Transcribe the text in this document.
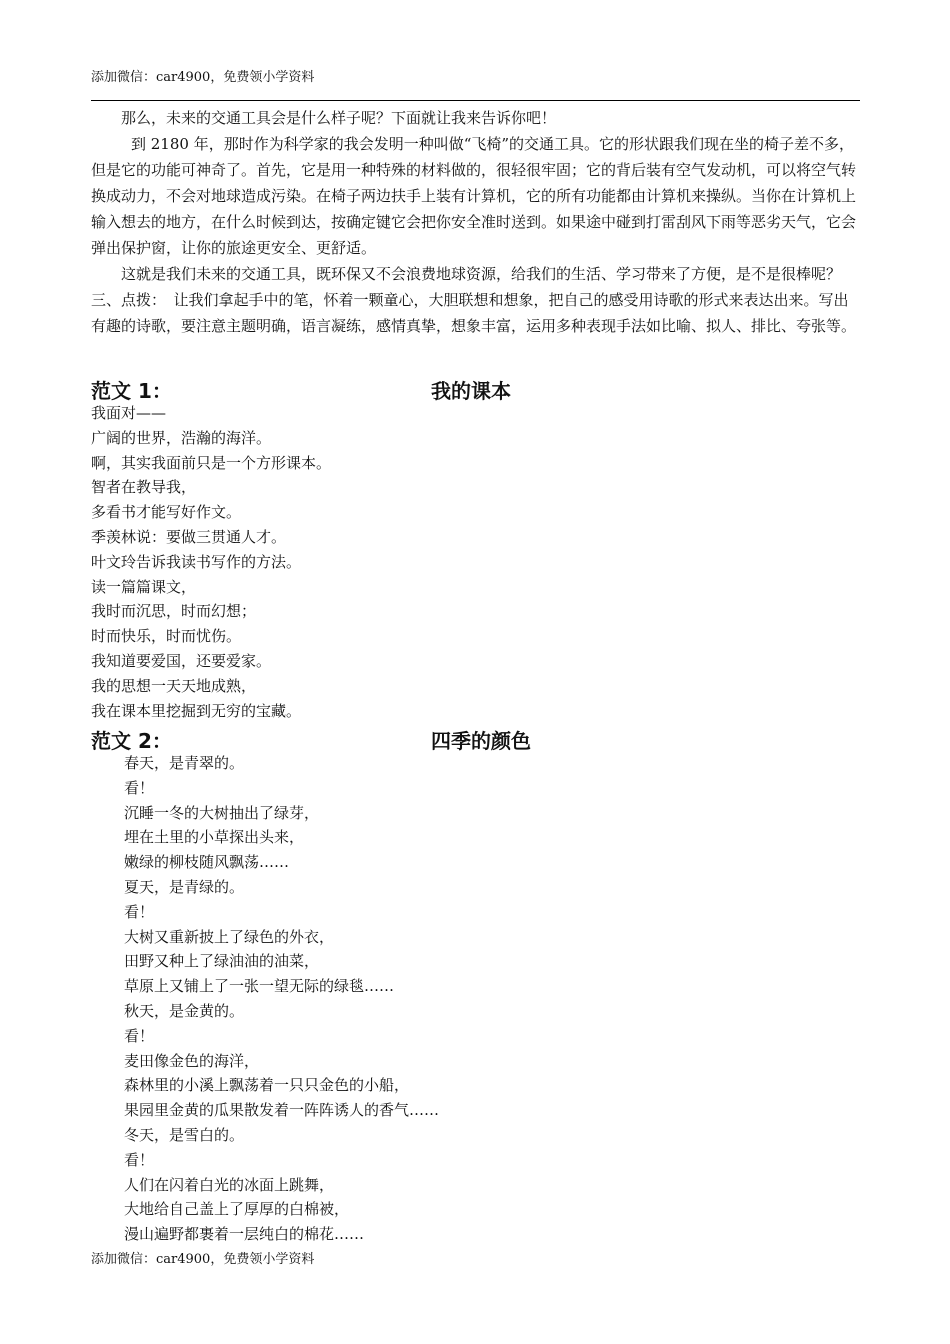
添加微信：car4900，免费领小学资料

那么，未来的交通工具会是什么样子呢？下面就让我来告诉你吧！

到 2180 年，那时作为科学家的我会发明一种叫做“飞椅”的交通工具。它的形状跟我们现在坐的椅子差不多，但是它的功能可神奇了。首先，它是用一种特殊的材料做的，很轻很牢固；它的背后装有空气发动机，可以将空气转换成动力，不会对地球造成污染。在椅子两边扶手上装有计算机，它的所有功能都由计算机来操纵。当你在计算机上输入想去的地方，在什么时候到达，按确定键它会把你安全准时送到。如果途中碰到打雷刮风下雨等恶劣天气，它会弹出保护窗，让你的旅途更安全、更舒适。

这就是我们未来的交通工具，既环保又不会浪费地球资源，给我们的生活、学习带来了方便，是不是很棒呢？

三、点拨：　让我们拿起手中的笔，怀着一颗童心，大胆联想和想象，把自己的感受用诗歌的形式来表达出来。写出有趣的诗歌，要注意主题明确，语言凝练，感情真挚，想象丰富，运用多种表现手法如比喻、拟人、排比、夸张等。

范文 1：	我的课本
我面对——
广阔的世界，浩瀚的海洋。
啊，其实我面前只是一个方形课本。
智者在教导我，
多看书才能写好作文。
季羡林说：要做三贯通人才。
叶文玲告诉我读书写作的方法。
读一篇篇课文，
我时而沉思，时而幻想；
时而快乐，时而忧伤。
我知道要爱国，还要爱家。
我的思想一天天地成熟，
我在课本里挖掘到无穷的宝藏。
范文 2：	四季的颜色
春天，是青翠的。
看！
沉睡一冬的大树抽出了绿芽，
埋在土里的小草探出头来，
嫩绿的柳枝随风飘荡……
夏天，是青绿的。
看！
大树又重新披上了绿色的外衣，
田野又种上了绿油油的油菜，
草原上又铺上了一张一望无际的绿毯……
秋天，是金黄的。
看！
麦田像金色的海洋，
森林里的小溪上飘荡着一只只金色的小船，
果园里金黄的瓜果散发着一阵阵诱人的香气……
冬天，是雪白的。
看！
人们在闪着白光的冰面上跳舞，
大地给自己盖上了厚厚的白棉被，
漫山遍野都裹着一层纯白的棉花……
添加微信：car4900，免费领小学资料
